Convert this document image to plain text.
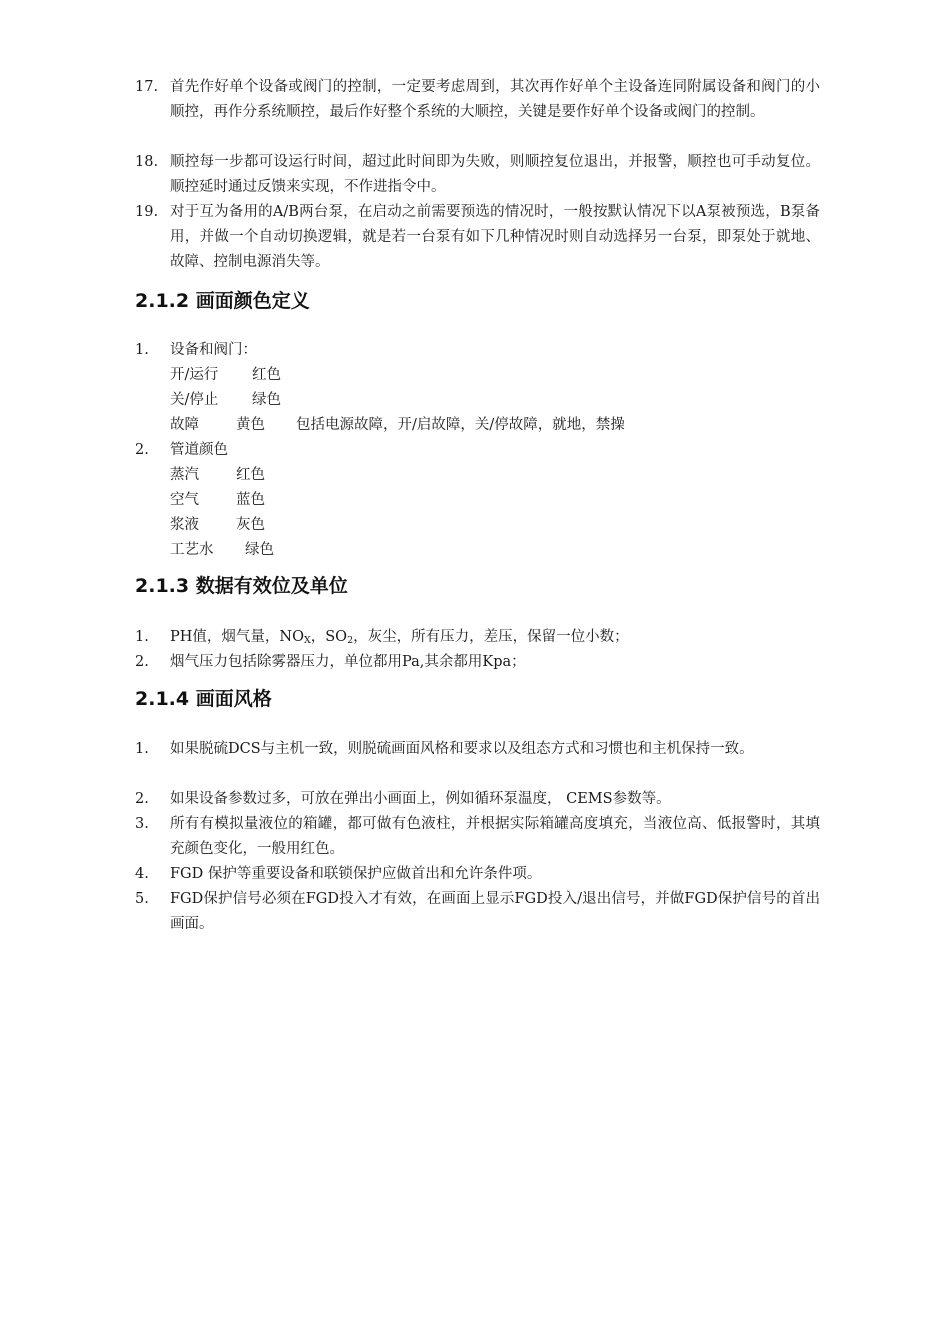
17. 首先作好单个设备或阀门的控制，一定要考虑周到，其次再作好单个主设备连同附属设备和阀门的小顺控，再作分系统顺控，最后作好整个系统的大顺控，关键是要作好单个设备或阀门的控制。
18. 顺控每一步都可设运行时间，超过此时间即为失败，则顺控复位退出，并报警，顺控也可手动复位。顺控延时通过反馈来实现，不作进指令中。
19. 对于互为备用的A/B两台泵，在启动之前需要预选的情况时，一般按默认情况下以A泵被预选，B泵备用，并做一个自动切换逻辑，就是若一台泵有如下几种情况时则自动选择另一台泵，即泵处于就地、故障、控制电源消失等。
2.1.2 画面颜色定义
1. 设备和阀门：
开/运行 红色
关/停止 绿色
故障	黄色 包括电源故障，开/启故障，关/停故障，就地，禁操
2. 管道颜色
蒸汽	红色
空气	蓝色
浆液	灰色
工艺水 绿色
2.1.3 数据有效位及单位
1. PH值，烟气量，$NO_X$，$SO_2$，灰尘，所有压力，差压，保留一位小数；
2. 烟气压力包括除雾器压力，单位都用Pa,其余都用Kpa；
2.1.4 画面风格
1. 如果脱硫DCS与主机一致，则脱硫画面风格和要求以及组态方式和习惯也和主机保持一致。
2. 如果设备参数过多，可放在弹出小画面上，例如循环泵温度， CEMS参数等。
3. 所有有模拟量液位的箱罐，都可做有色液柱，并根据实际箱罐高度填充，当液位高、低报警时，其填充颜色变化，一般用红色。
4. FGD 保护等重要设备和联锁保护应做首出和允许条件项。
5. FGD保护信号必须在FGD投入才有效，在画面上显示FGD投入/退出信号，并做FGD保护信号的首出画面。
